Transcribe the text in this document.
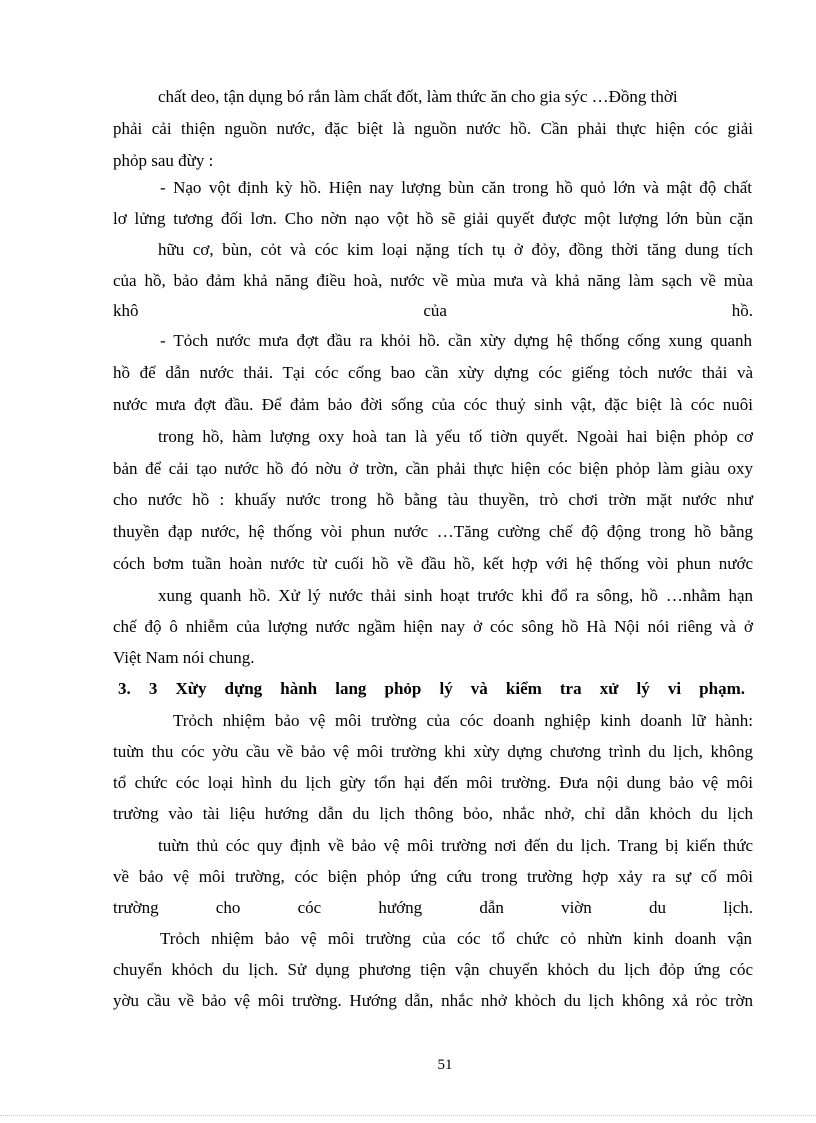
chất deo, tận dụng bó rắn làm chất đốt, làm thức ăn cho gia sýc …Đồng thời
phải cải thiện nguồn nước, đặc biệt là nguồn nước hồ. Cần phải thực hiện cóc giải
phỏp sau đừy :
- Nạo vột định kỳ hồ. Hiện nay lượng bùn căn trong hồ quỏ lớn và mật độ chất
lơ lửng tương đối lơn. Cho nờn nạo vột hồ sẽ giải quyết được một lượng lớn bùn cặn
hữu cơ, bùn, cỏt và cóc kim loại nặng tích tụ ở đỏy, đồng thời tăng dung tích
của hồ, bảo đảm khả năng điều hoà, nước về mùa mưa và khả năng làm sạch về mùa
khô của hồ.
- Tỏch nước mưa đợt đầu ra khỏi hồ. cần xừy dựng hệ thống cống xung quanh
hồ để dẫn nước thải. Tại cóc cống bao cần xừy dựng cóc giếng tỏch nước thải và
nước mưa đợt đầu. Để đảm bảo đời sống của cóc thuỷ sinh vật, đặc biệt là cóc nuôi
trong hồ, hàm lượng oxy hoà tan là yếu tố tiờn quyết. Ngoài hai biện phỏp cơ
bản để cải tạo nước hồ đó nờu ở trờn, cần phải thực hiện cóc biện phỏp làm giàu oxy
cho nước hồ : khuấy nước trong hồ bằng tàu thuyền, trò chơi trờn mặt nước như
thuyền đạp nước, hệ thống vòi phun nước …Tăng cường chế độ động trong hồ bằng
cóch bơm tuần hoàn nước từ cuối hồ về đầu hồ, kết hợp với hệ thống vòi phun nước
xung quanh hồ. Xử lý nước thải sinh hoạt trước khi đổ ra sông, hồ …nhằm hạn
chế độ ô nhiễm của lượng nước ngầm hiện nay ở cóc sông hồ Hà Nội nói riêng và ở
Việt Nam nói chung.
3. 3 Xừy dựng hành lang phỏp lý và kiểm tra xử lý vi phạm.
Trỏch nhiệm bảo vệ môi trường của cóc doanh nghiệp kinh doanh lữ hành:
tuừn thu cóc yờu cầu về bảo vệ môi trường khi xừy dựng chương trình du lịch, không
tổ chức cóc loại hình du lịch gừy tổn hại đến môi trường. Đưa nội dung bảo vệ môi
trường vào tài liệu hướng dẫn du lịch thông bỏo, nhắc nhở, chỉ dẫn khỏch du lịch
tuừn thủ cóc quy định về bảo vệ môi trường nơi đến du lịch. Trang bị kiến thức
về bảo vệ môi trường, cóc biện phỏp ứng cứu trong trường hợp xảy ra sự cố môi
trường cho cóc hướng dẫn viờn du lịch.
Trỏch nhiệm bảo vệ môi trường của cóc tổ chức cỏ nhừn kinh doanh vận
chuyển khỏch du lịch. Sử dụng phương tiện vận chuyển khỏch du lịch đỏp ứng cóc
yờu cầu về bảo vệ môi trường. Hướng dẫn, nhắc nhở khỏch du lịch không xả rỏc trờn
51
